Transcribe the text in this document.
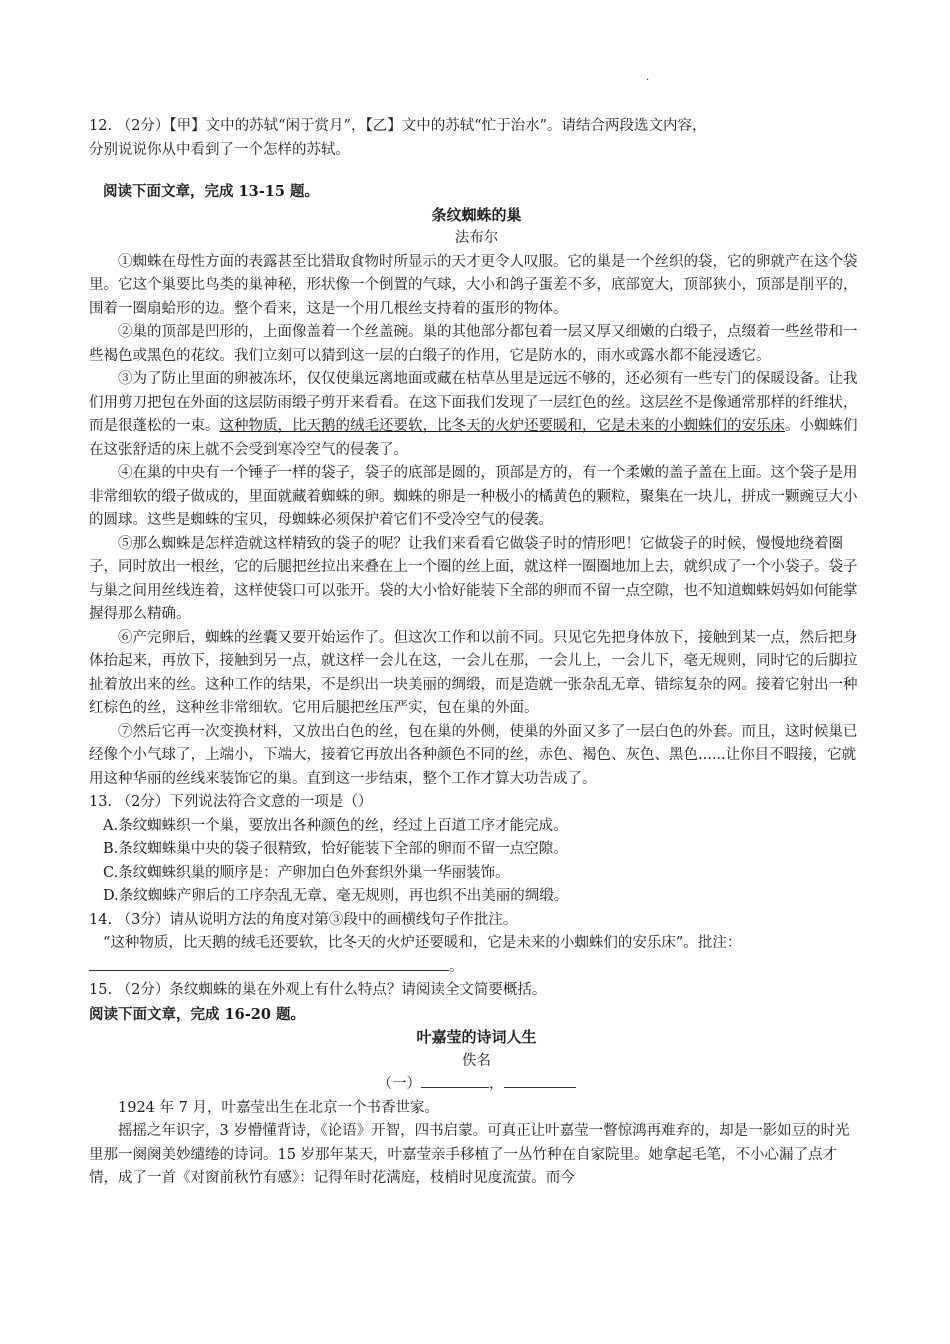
.

12. （2分）【甲】文中的苏轼“闲于赏月”，【乙】文中的苏轼“忙于治水”。请结合两段选文内容，

分别说说你从中看到了一个怎样的苏轼。

阅读下面文章，完成 13-15 题。

条纹蜘蛛的巢

法布尔

①蜘蛛在母性方面的表露甚至比猎取食物时所显示的天才更令人叹服。它的巢是一个丝织的袋，它的卵就产在这个袋里。它这个巢要比鸟类的巢神秘，形状像一个倒置的气球，大小和鸽子蛋差不多，底部宽大，顶部狭小，顶部是削平的，围着一圈扇蛤形的边。整个看来，这是一个用几根丝支持着的蛋形的物体。

②巢的顶部是凹形的，上面像盖着一个丝盖碗。巢的其他部分都包着一层又厚又细嫩的白缎子，点缀着一些丝带和一些褐色或黑色的花纹。我们立刻可以猜到这一层的白缎子的作用，它是防水的，雨水或露水都不能浸透它。

③为了防止里面的卵被冻坏，仅仅使巢远离地面或藏在枯草丛里是远远不够的，还必须有一些专门的保暖设备。让我们用剪刀把包在外面的这层防雨缎子剪开来看看。在这下面我们发现了一层红色的丝。这层丝不是像通常那样的纤维状，而是很蓬松的一束。这种物质，比天鹅的绒毛还要软，比冬天的火炉还要暖和，它是未来的小蜘蛛们的安乐床。小蜘蛛们在这张舒适的床上就不会受到寒冷空气的侵袭了。

④在巢的中央有一个锤子一样的袋子，袋子的底部是圆的，顶部是方的，有一个柔嫩的盖子盖在上面。这个袋子是用非常细软的缎子做成的，里面就藏着蜘蛛的卵。蜘蛛的卵是一种极小的橘黄色的颗粒，聚集在一块儿，拼成一颗豌豆大小的圆球。这些是蜘蛛的宝贝，母蜘蛛必须保护着它们不受冷空气的侵袭。

⑤那么蜘蛛是怎样造就这样精致的袋子的呢？让我们来看看它做袋子时的情形吧！它做袋子的时候，慢慢地绕着圈子，同时放出一根丝，它的后腿把丝拉出来叠在上一个圈的丝上面，就这样一圈圈地加上去，就织成了一个小袋子。袋子与巢之间用丝线连着，这样使袋口可以张开。袋的大小恰好能装下全部的卵而不留一点空隙，也不知道蜘蛛妈妈如何能掌握得那么精确。

⑥产完卵后，蜘蛛的丝囊又要开始运作了。但这次工作和以前不同。只见它先把身体放下，接触到某一点，然后把身体抬起来，再放下，接触到另一点，就这样一会儿在这，一会儿在那，一会儿上，一会儿下，毫无规则，同时它的后脚拉扯着放出来的丝。这种工作的结果，不是织出一块美丽的绸缎，而是造就一张杂乱无章、错综复杂的网。接着它射出一种红棕色的丝，这种丝非常细软。它用后腿把丝压严实，包在巢的外面。

⑦然后它再一次变换材料，又放出白色的丝，包在巢的外侧，使巢的外面又多了一层白色的外套。而且，这时候巢已经像个小气球了，上端小，下端大，接着它再放出各种颜色不同的丝，赤色、褐色、灰色、黑色......让你目不暇接，它就用这种华丽的丝线来装饰它的巢。直到这一步结束，整个工作才算大功告成了。

13. （2分）下列说法符合文意的一项是（）

A.条纹蜘蛛织一个巢，要放出各种颜色的丝，经过上百道工序才能完成。

B.条纹蜘蛛巢中央的袋子很精致，恰好能装下全部的卵而不留一点空隙。

C.条纹蜘蛛织巢的顺序是：产卵加白色外套织外巢一华丽装饰。

D.条纹蜘蛛产卵后的工序杂乱无章、毫无规则，再也织不出美丽的绸缎。

14. （3分）请从说明方法的角度对第③段中的画横线句子作批注。

“这种物质，比天鹅的绒毛还要软，比冬天的火炉还要暖和，它是未来的小蜘蛛们的安乐床”。批注：

。

15. （2分）条纹蜘蛛的巢在外观上有什么特点？请阅读全文简要概括。

阅读下面文章，完成 16-20 题。

叶嘉莹的诗词人生

佚名

（一）	，

1924 年 7 月，叶嘉莹出生在北京一个书香世家。

摇摇之年识字，3 岁懵懂背诗，《论语》开智，四书启蒙。可真正让叶嘉莹一瞥惊鸿再难弃的，却是一影如豆的时光里那一阕阕美妙缱绻的诗词。15 岁那年某天，叶嘉莹亲手移植了一丛竹种在自家院里。她拿起毛笔，不小心漏了点才情，成了一首《对窗前秋竹有感》：记得年时花满庭，枝梢时见度流萤。而今
